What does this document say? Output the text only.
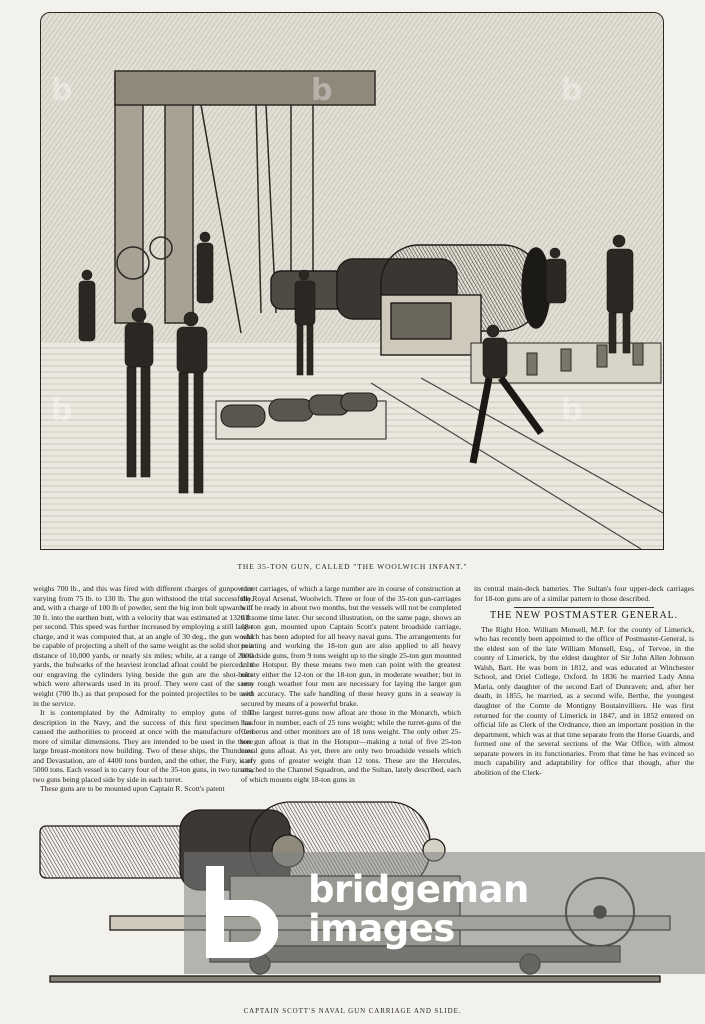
b	b	b
b	b
THE 35-TON GUN, CALLED "THE WOOLWICH INFANT."

weighs 700 lb., and this was fired with different charges of gunpowder varying from 75 lb. to 130 lb. The gun withstood the trial successfully, and, with a charge of 100 lb of powder, sent the big iron bolt upwards of 30 ft. into the earthen butt, with a velocity that was estimated at 1320 ft. per second. This speed was further increased by employing a still larger charge, and it was computed that, at an angle of 30 deg., the gun would be capable of projecting a shell of the same weight as the solid shot to a distance of 10,000 yards, or nearly six miles; while, at a range of 2000 yards, the bulwarks of the heaviest ironclad afloat could be pierced. In our engraving the cylinders lying beside the gun are the shot-bolts which were afterwards used in its proof. They were cast of the same weight (700 lb.) as that proposed for the pointed projectiles to be used in the service.

It is contemplated by the Admiralty to employ guns of this description in the Navy, and the success of this first specimen has caused the authorities to proceed at once with the manufacture of ten more of similar dimensions. They are intended to be used in the three large breast-monitors now building. Two of these ships, the Thunderer and Devastation, are of 4400 tons burden, and the other, the Fury, is of 5000 tons. Each vessel is to carry four of the 35-ton guns, in two turrets, two guns being placed side by side in each turret.

These guns are to be mounted upon Captain R. Scott's patent

turret carriages, of which a large number are in course of construction at the Royal Arsenal, Woolwich. Three or four of the 35-ton gun-carriages will be ready in about two months, but the vessels will not be completed till some time later. Our second illustration, on the same page, shows an 18-ton gun, mounted upon Captain Scott's patent broadside carriage, which has been adopted for all heavy naval guns. The arrangements for pointing and working the 18-ton gun are also applied to all heavy broadside guns, from 9 tons weight up to the single 25-ton gun mounted in the Hotspur. By these means two men can point with the greatest nicety either the 12-ton or the 18-ton gun, in moderate weather; but in very rough weather four men are necessary for laying the larger gun with accuracy. The safe handling of these heavy guns in a seaway is secured by means of a powerful brake.

The largest turret-guns now afloat are those in the Monarch, which has four in number, each of 25 tons weight; while the turret-guns of the Cerberus and other monitors are of 18 tons weight. The only other 25-ton gun afloat is that in the Hotspur—making a total of five 25-ton naval guns afloat. As yet, there are only two broadside vessels which carry guns of greater weight than 12 tons. These are the Hercules, attached to the Channel Squadron, and the Sultan, lately described, each of which mounts eight 18-ton guns in

its central main-deck batteries. The Sultan's four upper-deck carriages for 18-ton guns are of a similar pattern to those described.

THE NEW POSTMASTER GENERAL.

The Right Hon. William Monsell, M.P. for the county of Limerick, who has recently been appointed to the office of Postmaster-General, is the eldest son of the late William Monsell, Esq., of Tervoe, in the county of Limerick, by the eldest daughter of Sir John Allen Johnson Walsh, Bart. He was born in 1812, and was educated at Winchester School, and Oriel College, Oxford. In 1836 he married Lady Anna Maria, only daughter of the second Earl of Dunraven; and, after her death, in 1855, he married, as a second wife, Berthe, the youngest daughter of the Comte de Montigny Boutainvilliers. He was first returned for the county of Limerick in 1847, and in 1852 entered on official life as Clerk of the Ordnance, then an important position in the department, which was at that time separate from the Horse Guards, and formed one of the several sections of the War Office, with almost separate powers in its functionaries. From that time he has evinced so much capability and adaptability for office that though, after the abolition of the Clerk-

bridgeman
images
CAPTAIN SCOTT'S NAVAL GUN CARRIAGE AND SLIDE.
